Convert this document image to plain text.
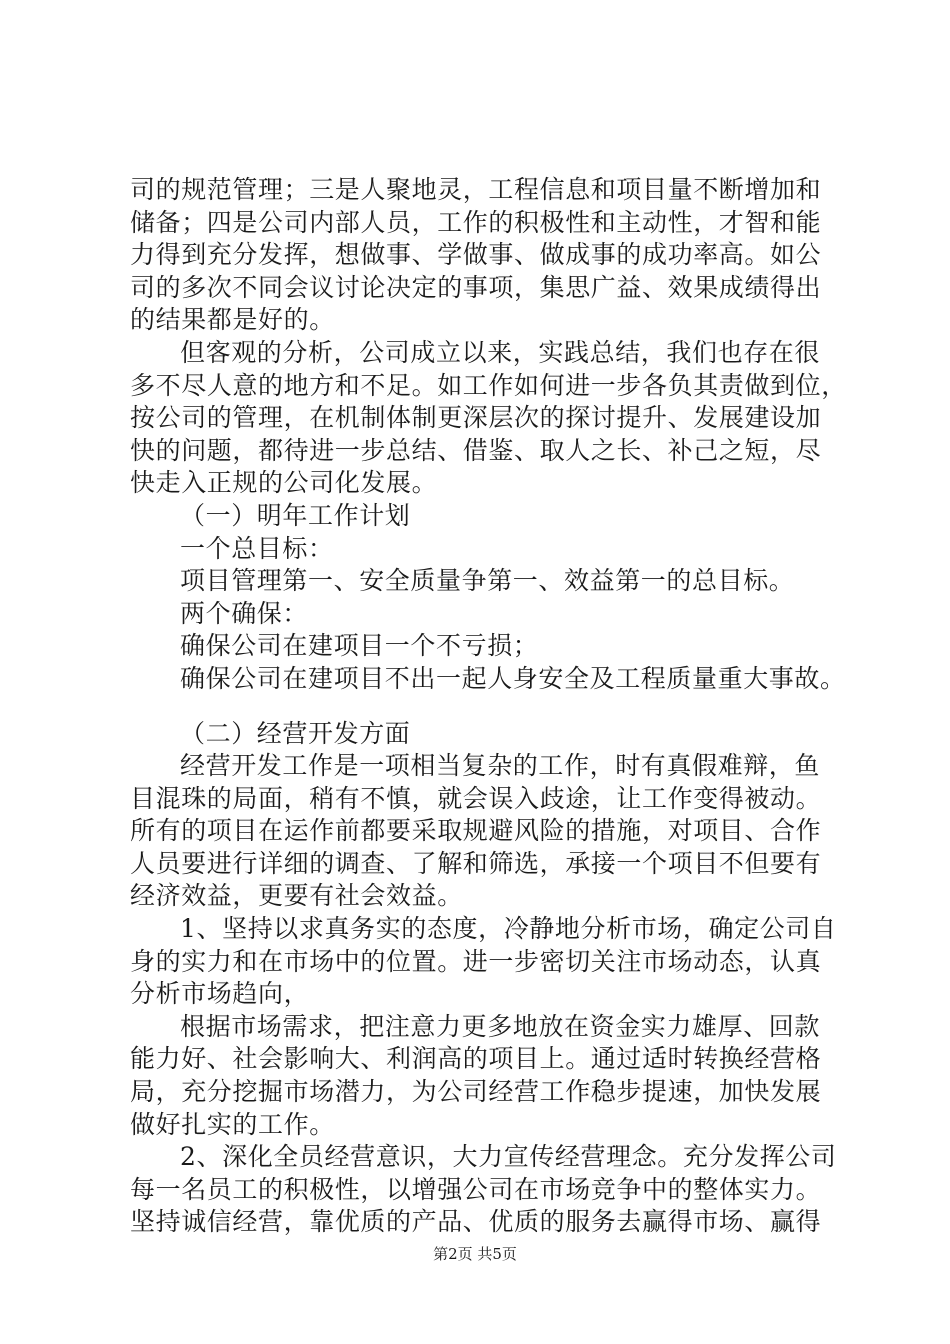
司的规范管理；三是人聚地灵，工程信息和项目量不断增加和
储备；四是公司内部人员，工作的积极性和主动性，才智和能
力得到充分发挥，想做事、学做事、做成事的成功率高。如公
司的多次不同会议讨论决定的事项，集思广益、效果成绩得出
的结果都是好的。
但客观的分析，公司成立以来，实践总结，我们也存在很
多不尽人意的地方和不足。如工作如何进一步各负其责做到位，
按公司的管理，在机制体制更深层次的探讨提升、发展建设加
快的问题，都待进一步总结、借鉴、取人之长、补己之短，尽
快走入正规的公司化发展。
（一）明年工作计划
一个总目标：
项目管理第一、安全质量争第一、效益第一的总目标。
两个确保：
确保公司在建项目一个不亏损；
确保公司在建项目不出一起人身安全及工程质量重大事故。
（二）经营开发方面
经营开发工作是一项相当复杂的工作，时有真假难辩，鱼
目混珠的局面，稍有不慎，就会误入歧途，让工作变得被动。
所有的项目在运作前都要采取规避风险的措施，对项目、合作
人员要进行详细的调查、了解和筛选，承接一个项目不但要有
经济效益，更要有社会效益。
1、坚持以求真务实的态度，冷静地分析市场，确定公司自
身的实力和在市场中的位置。进一步密切关注市场动态，认真
分析市场趋向，
根据市场需求，把注意力更多地放在资金实力雄厚、回款
能力好、社会影响大、利润高的项目上。通过适时转换经营格
局，充分挖掘市场潜力，为公司经营工作稳步提速，加快发展
做好扎实的工作。
2、深化全员经营意识，大力宣传经营理念。充分发挥公司
每一名员工的积极性，以增强公司在市场竞争中的整体实力。
坚持诚信经营，靠优质的产品、优质的服务去赢得市场、赢得
第2页 共5页
